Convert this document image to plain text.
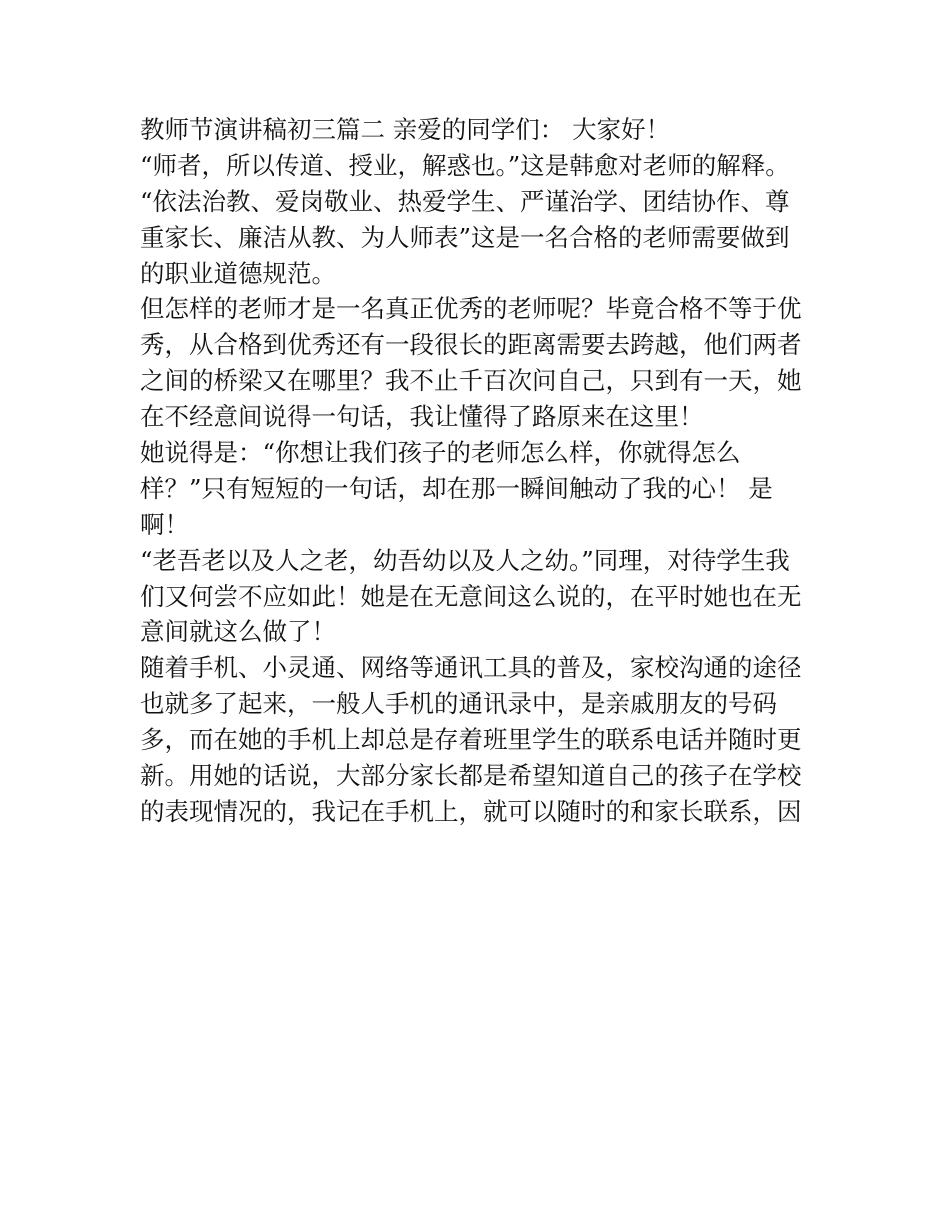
教师节演讲稿初三篇二 亲爱的同学们： 大家好！
“师者，所以传道、授业，解惑也。”这是韩愈对老师的解释。
“依法治教、爱岗敬业、热爱学生、严谨治学、团结协作、尊
重家长、廉洁从教、为人师表”这是一名合格的老师需要做到
的职业道德规范。
但怎样的老师才是一名真正优秀的老师呢？毕竟合格不等于优
秀，从合格到优秀还有一段很长的距离需要去跨越，他们两者
之间的桥梁又在哪里？我不止千百次问自己，只到有一天，她
在不经意间说得一句话，我让懂得了路原来在这里！
她说得是：“你想让我们孩子的老师怎么样，你就得怎么
样？”只有短短的一句话，却在那一瞬间触动了我的心！ 是
啊！
“老吾老以及人之老，幼吾幼以及人之幼。”同理，对待学生我
们又何尝不应如此！她是在无意间这么说的，在平时她也在无
意间就这么做了！
随着手机、小灵通、网络等通讯工具的普及，家校沟通的途径
也就多了起来，一般人手机的通讯录中，是亲戚朋友的号码
多，而在她的手机上却总是存着班里学生的联系电话并随时更
新。用她的话说，大部分家长都是希望知道自己的孩子在学校
的表现情况的，我记在手机上，就可以随时的和家长联系，因
